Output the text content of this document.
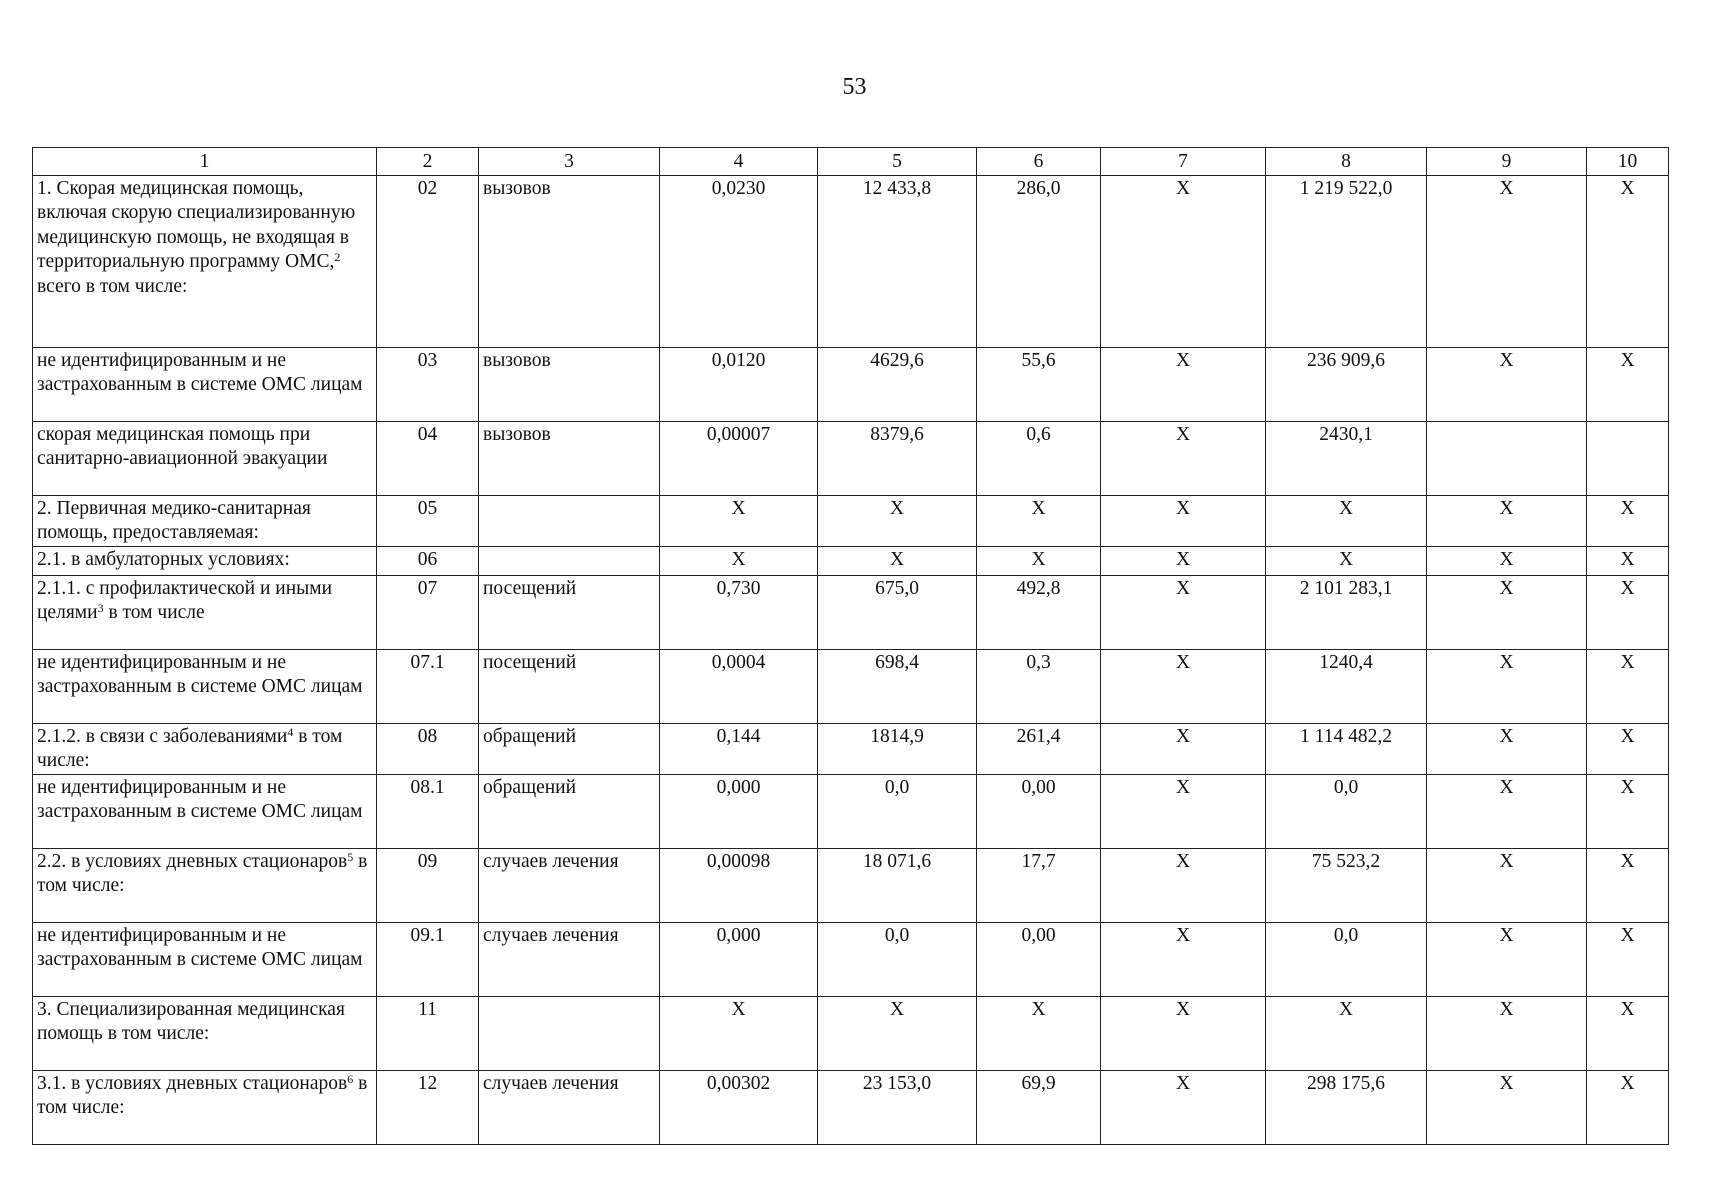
53
1	2	3	4	5	6	7	8	9	10
1. Скорая медицинская помощь, включая скорую специализированную медицинскую помощь, не входящая в территориальную программу ОМС,$^2$ всего в том числе:	02	вызовов	0,0230	12 433,8	286,0	X	1 219 522,0	X	X
не идентифицированным и не застрахованным в системе ОМС лицам	03	вызовов	0,0120	4629,6	55,6	X	236 909,6	X	X
скорая медицинская помощь при санитарно-авиационной эвакуации	04	вызовов	0,00007	8379,6	0,6	X	2430,1		
2. Первичная медико-санитарная помощь, предоставляемая:	05		X	X	X	X	X	X	X
2.1. в амбулаторных условиях:	06		X	X	X	X	X	X	X
2.1.1. с профилактической и иными целями$^3$ в том числе	07	посещений	0,730	675,0	492,8	X	2 101 283,1	X	X
не идентифицированным и не застрахованным в системе ОМС лицам	07.1	посещений	0,0004	698,4	0,3	X	1240,4	X	X
2.1.2. в связи с заболеваниями$^4$ в том числе:	08	обращений	0,144	1814,9	261,4	X	1 114 482,2	X	X
не идентифицированным и не застрахованным в системе ОМС лицам	08.1	обращений	0,000	0,0	0,00	X	0,0	X	X
2.2. в условиях дневных стационаров$^5$ в том числе:	09	случаев лечения	0,00098	18 071,6	17,7	X	75 523,2	X	X
не идентифицированным и не застрахованным в системе ОМС лицам	09.1	случаев лечения	0,000	0,0	0,00	X	0,0	X	X
3. Специализированная медицинская помощь в том числе:	11		X	X	X	X	X	X	X
3.1. в условиях дневных стационаров$^6$ в том числе:	12	случаев лечения	0,00302	23 153,0	69,9	X	298 175,6	X	X
